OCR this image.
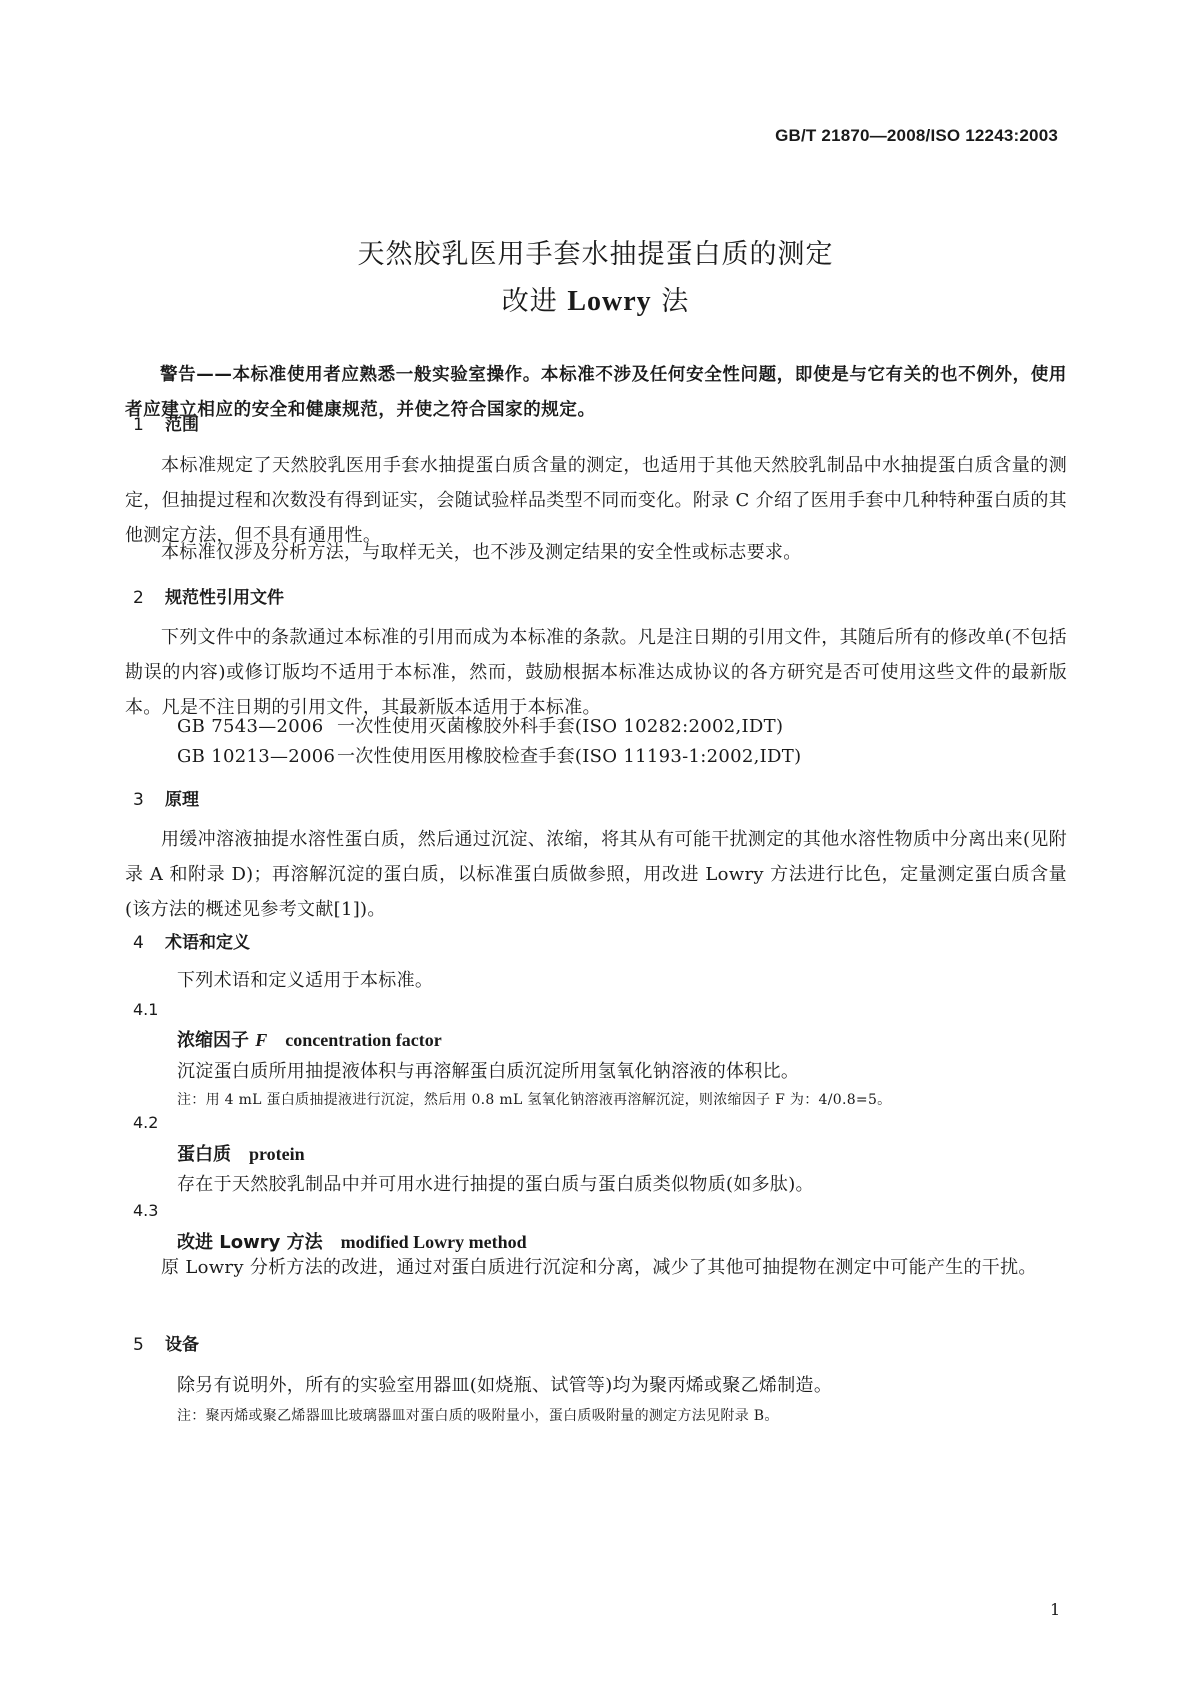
GB/T 21870—2008/ISO 12243:2003
天然胶乳医用手套水抽提蛋白质的测定
改进 Lowry 法
警告——本标准使用者应熟悉一般实验室操作。本标准不涉及任何安全性问题，即使是与它有关的也不例外，使用者应建立相应的安全和健康规范，并使之符合国家的规定。
1 范围
本标准规定了天然胶乳医用手套水抽提蛋白质含量的测定，也适用于其他天然胶乳制品中水抽提蛋白质含量的测定，但抽提过程和次数没有得到证实，会随试验样品类型不同而变化。附录 C 介绍了医用手套中几种特种蛋白质的其他测定方法，但不具有通用性。
本标准仅涉及分析方法，与取样无关，也不涉及测定结果的安全性或标志要求。
2 规范性引用文件
下列文件中的条款通过本标准的引用而成为本标准的条款。凡是注日期的引用文件，其随后所有的修改单(不包括勘误的内容)或修订版均不适用于本标准，然而，鼓励根据本标准达成协议的各方研究是否可使用这些文件的最新版本。凡是不注日期的引用文件，其最新版本适用于本标准。
GB 7543—2006 一次性使用灭菌橡胶外科手套(ISO 10282:2002,IDT)
GB 10213—2006一次性使用医用橡胶检查手套(ISO 11193-1:2002,IDT)
3 原理
用缓冲溶液抽提水溶性蛋白质，然后通过沉淀、浓缩，将其从有可能干扰测定的其他水溶性物质中分离出来(见附录 A 和附录 D)；再溶解沉淀的蛋白质，以标准蛋白质做参照，用改进 Lowry 方法进行比色，定量测定蛋白质含量(该方法的概述见参考文献[1])。
4 术语和定义
下列术语和定义适用于本标准。
4.1
浓缩因子 F concentration factor
沉淀蛋白质所用抽提液体积与再溶解蛋白质沉淀所用氢氧化钠溶液的体积比。
注：用 4 mL 蛋白质抽提液进行沉淀，然后用 0.8 mL 氢氧化钠溶液再溶解沉淀，则浓缩因子 F 为：4/0.8=5。
4.2
蛋白质 protein
存在于天然胶乳制品中并可用水进行抽提的蛋白质与蛋白质类似物质(如多肽)。
4.3
改进 Lowry 方法 modified Lowry method
原 Lowry 分析方法的改进，通过对蛋白质进行沉淀和分离，减少了其他可抽提物在测定中可能产生的干扰。
5 设备
除另有说明外，所有的实验室用器皿(如烧瓶、试管等)均为聚丙烯或聚乙烯制造。
注：聚丙烯或聚乙烯器皿比玻璃器皿对蛋白质的吸附量小，蛋白质吸附量的测定方法见附录 B。
1
